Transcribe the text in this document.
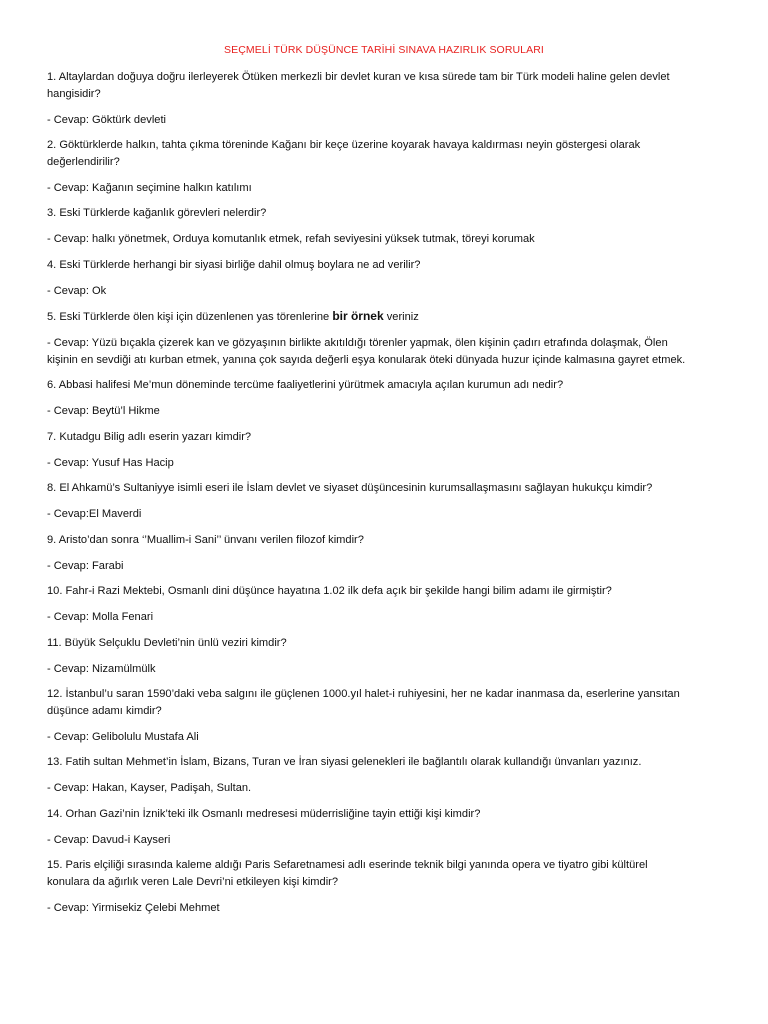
SEÇMELİ TÜRK DÜŞÜNCE TARİHİ SINAVA HAZIRLIK SORULARI
1. Altaylardan doğuya doğru ilerleyerek Ötüken merkezli bir devlet kuran ve kısa sürede tam bir Türk modeli haline gelen devlet
hangisidir?
- Cevap: Göktürk devleti
2. Göktürklerde halkın, tahta çıkma töreninde Kağanı bir keçe üzerine koyarak havaya kaldırması neyin göstergesi olarak
değerlendirilir?
- Cevap: Kağanın seçimine halkın katılımı
3. Eski Türklerde kağanlık görevleri nelerdir?
- Cevap: halkı yönetmek, Orduya komutanlık etmek, refah seviyesini yüksek tutmak, töreyi korumak
4. Eski Türklerde herhangi bir siyasi birliğe dahil olmuş boylara ne ad verilir?
- Cevap: Ok
5. Eski Türklerde ölen kişi için düzenlenen yas törenlerine bir örnek veriniz
- Cevap: Yüzü bıçakla çizerek kan ve gözyaşının birlikte akıtıldığı törenler yapmak, ölen kişinin çadırı etrafında dolaşmak, Ölen
kişinin en sevdiği atı kurban etmek, yanına çok sayıda değerli eşya konularak öteki dünyada huzur içinde kalmasına gayret etmek.
6. Abbasi halifesi Me’mun döneminde tercüme faaliyetlerini yürütmek amacıyla açılan kurumun adı nedir?
- Cevap: Beytü’l Hikme
7. Kutadgu Bilig adlı eserin yazarı kimdir?
- Cevap: Yusuf Has Hacip
8. El Ahkamü’s Sultaniyye isimli eseri ile İslam devlet ve siyaset düşüncesinin kurumsallaşmasını sağlayan hukukçu kimdir?
- Cevap:El Maverdi
9. Aristo’dan sonra ‘’Muallim-i Sani’’ ünvanı verilen filozof kimdir?
- Cevap: Farabi
10. Fahr-i Razi Mektebi, Osmanlı dini düşünce hayatına 1.02 ilk defa açık bir şekilde hangi bilim adamı ile girmiştir?
- Cevap: Molla Fenari
11. Büyük Selçuklu Devleti’nin ünlü veziri kimdir?
- Cevap: Nizamülmülk
12. İstanbul’u saran 1590’daki veba salgını ile güçlenen 1000.yıl halet-i ruhiyesini, her ne kadar inanmasa da, eserlerine yansıtan
düşünce adamı kimdir?
- Cevap: Gelibolulu Mustafa Ali
13. Fatih sultan Mehmet’in İslam, Bizans, Turan ve İran siyasi gelenekleri ile bağlantılı olarak kullandığı ünvanları yazınız.
- Cevap: Hakan, Kayser, Padişah, Sultan.
14. Orhan Gazi’nin İznik’teki ilk Osmanlı medresesi müderrisliğine tayin ettiği kişi kimdir?
- Cevap: Davud-i Kayseri
15. Paris elçiliği sırasında kaleme aldığı Paris Sefaretnamesi adlı eserinde teknik bilgi yanında opera ve tiyatro gibi kültürel
konulara da ağırlık veren Lale Devri’ni etkileyen kişi kimdir?
- Cevap: Yirmisekiz Çelebi Mehmet
